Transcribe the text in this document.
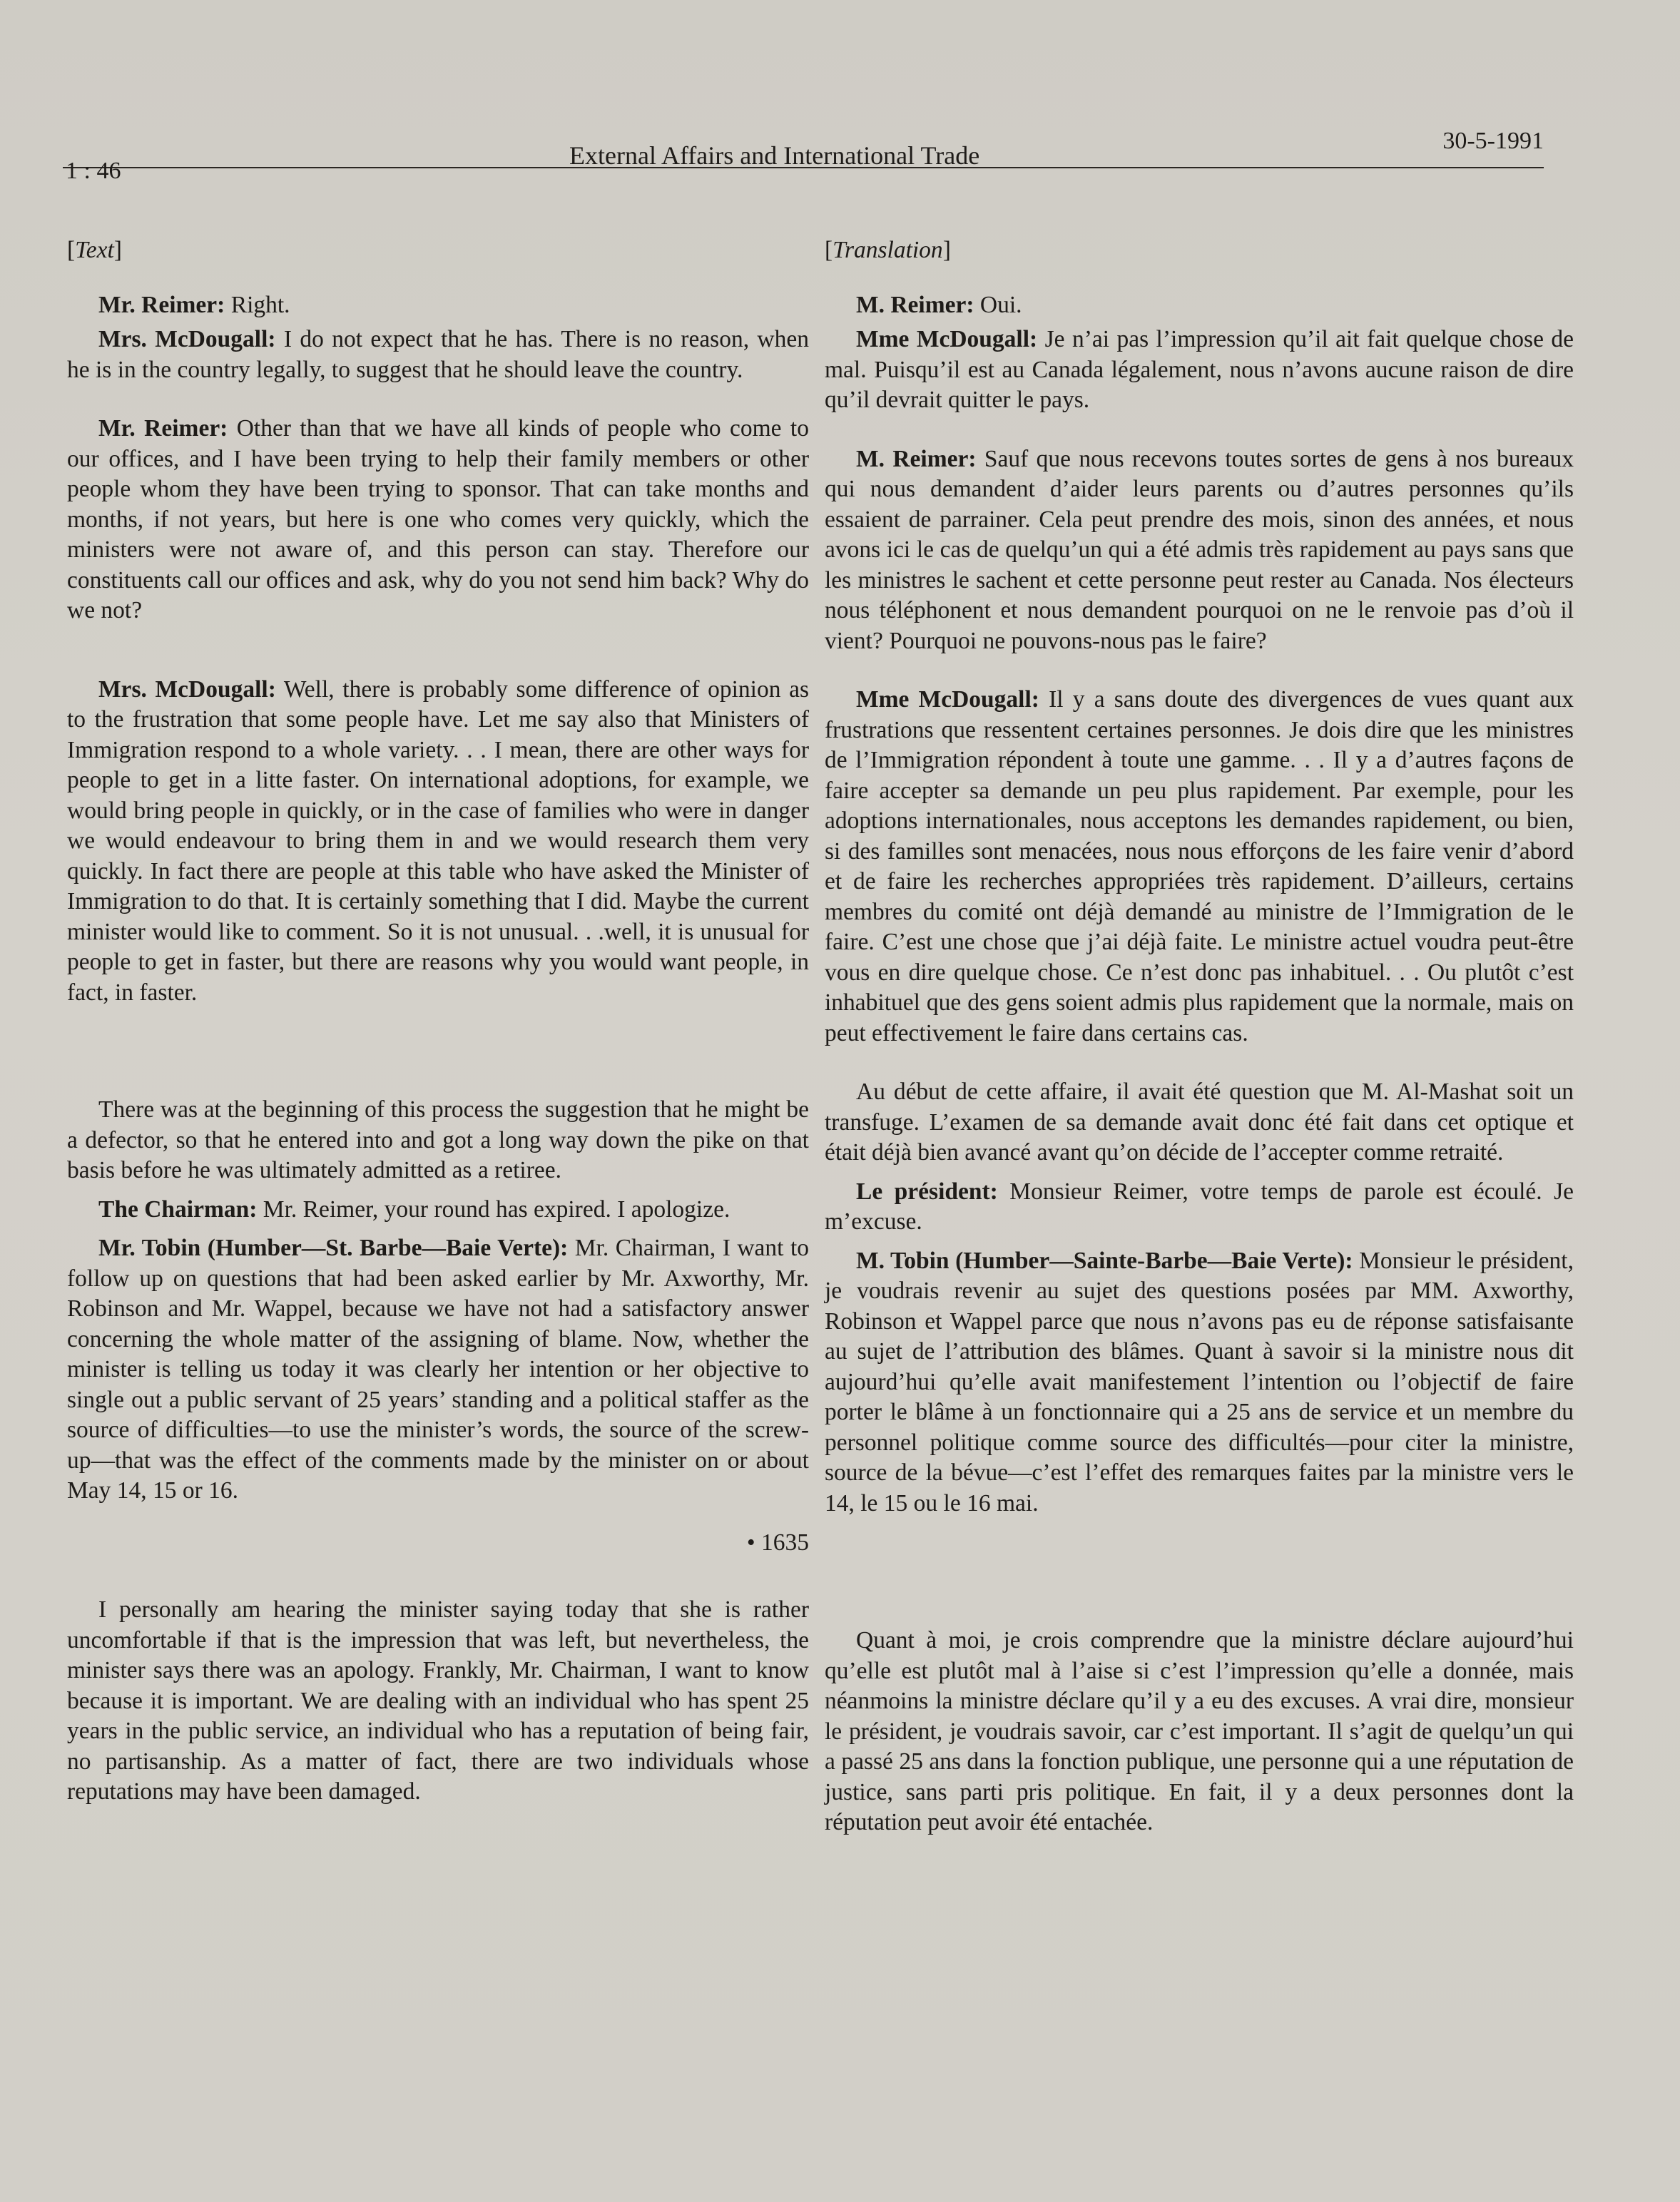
1 : 46
External Affairs and International Trade
30-5-1991

[Text]

Mr. Reimer: Right.

Mrs. McDougall: I do not expect that he has. There is no reason, when he is in the country legally, to suggest that he should leave the country.

Mr. Reimer: Other than that we have all kinds of people who come to our offices, and I have been trying to help their family members or other people whom they have been trying to sponsor. That can take months and months, if not years, but here is one who comes very quickly, which the ministers were not aware of, and this person can stay. Therefore our constituents call our offices and ask, why do you not send him back? Why do we not?

Mrs. McDougall: Well, there is probably some difference of opinion as to the frustration that some people have. Let me say also that Ministers of Immigration respond to a whole variety. . . I mean, there are other ways for people to get in a litte faster. On international adoptions, for example, we would bring people in quickly, or in the case of families who were in danger we would endeavour to bring them in and we would research them very quickly. In fact there are people at this table who have asked the Minister of Immigration to do that. It is certainly something that I did. Maybe the current minister would like to comment. So it is not unusual. . .well, it is unusual for people to get in faster, but there are reasons why you would want people, in fact, in faster.

There was at the beginning of this process the suggestion that he might be a defector, so that he entered into and got a long way down the pike on that basis before he was ultimately admitted as a retiree.

The Chairman: Mr. Reimer, your round has expired. I apologize.

Mr. Tobin (Humber—St. Barbe—Baie Verte): Mr. Chairman, I want to follow up on questions that had been asked earlier by Mr. Axworthy, Mr. Robinson and Mr. Wappel, because we have not had a satisfactory answer concerning the whole matter of the assigning of blame. Now, whether the minister is telling us today it was clearly her intention or her objective to single out a public servant of 25 years’ standing and a political staffer as the source of difficulties—to use the minister’s words, the source of the screw-up—that was the effect of the comments made by the minister on or about May 14, 15 or 16.

• 1635

I personally am hearing the minister saying today that she is rather uncomfortable if that is the impression that was left, but nevertheless, the minister says there was an apology. Frankly, Mr. Chairman, I want to know because it is important. We are dealing with an individual who has spent 25 years in the public service, an individual who has a reputation of being fair, no partisanship. As a matter of fact, there are two individuals whose reputations may have been damaged.

[Translation]

M. Reimer: Oui.

Mme McDougall: Je n’ai pas l’impression qu’il ait fait quelque chose de mal. Puisqu’il est au Canada légalement, nous n’avons aucune raison de dire qu’il devrait quitter le pays.

M. Reimer: Sauf que nous recevons toutes sortes de gens à nos bureaux qui nous demandent d’aider leurs parents ou d’autres personnes qu’ils essaient de parrainer. Cela peut prendre des mois, sinon des années, et nous avons ici le cas de quelqu’un qui a été admis très rapidement au pays sans que les ministres le sachent et cette personne peut rester au Canada. Nos électeurs nous téléphonent et nous demandent pourquoi on ne le renvoie pas d’où il vient? Pourquoi ne pouvons-nous pas le faire?

Mme McDougall: Il y a sans doute des divergences de vues quant aux frustrations que ressentent certaines personnes. Je dois dire que les ministres de l’Immigration répondent à toute une gamme. . . Il y a d’autres façons de faire accepter sa demande un peu plus rapidement. Par exemple, pour les adoptions internationales, nous acceptons les demandes rapidement, ou bien, si des familles sont menacées, nous nous efforçons de les faire venir d’abord et de faire les recherches appropriées très rapidement. D’ailleurs, certains membres du comité ont déjà demandé au ministre de l’Immigration de le faire. C’est une chose que j’ai déjà faite. Le ministre actuel voudra peut-être vous en dire quelque chose. Ce n’est donc pas inhabituel. . . Ou plutôt c’est inhabituel que des gens soient admis plus rapidement que la normale, mais on peut effectivement le faire dans certains cas.

Au début de cette affaire, il avait été question que M. Al-Mashat soit un transfuge. L’examen de sa demande avait donc été fait dans cet optique et était déjà bien avancé avant qu’on décide de l’accepter comme retraité.

Le président: Monsieur Reimer, votre temps de parole est écoulé. Je m’excuse.

M. Tobin (Humber—Sainte-Barbe—Baie Verte): Monsieur le président, je voudrais revenir au sujet des questions posées par MM. Axworthy, Robinson et Wappel parce que nous n’avons pas eu de réponse satisfaisante au sujet de l’attribution des blâmes. Quant à savoir si la ministre nous dit aujourd’hui qu’elle avait manifestement l’intention ou l’objectif de faire porter le blâme à un fonctionnaire qui a 25 ans de service et un membre du personnel politique comme source des difficultés—pour citer la ministre, source de la bévue—c’est l’effet des remarques faites par la ministre vers le 14, le 15 ou le 16 mai.

Quant à moi, je crois comprendre que la ministre déclare aujourd’hui qu’elle est plutôt mal à l’aise si c’est l’impression qu’elle a donnée, mais néanmoins la ministre déclare qu’il y a eu des excuses. A vrai dire, monsieur le président, je voudrais savoir, car c’est important. Il s’agit de quelqu’un qui a passé 25 ans dans la fonction publique, une personne qui a une réputation de justice, sans parti pris politique. En fait, il y a deux personnes dont la réputation peut avoir été entachée.
